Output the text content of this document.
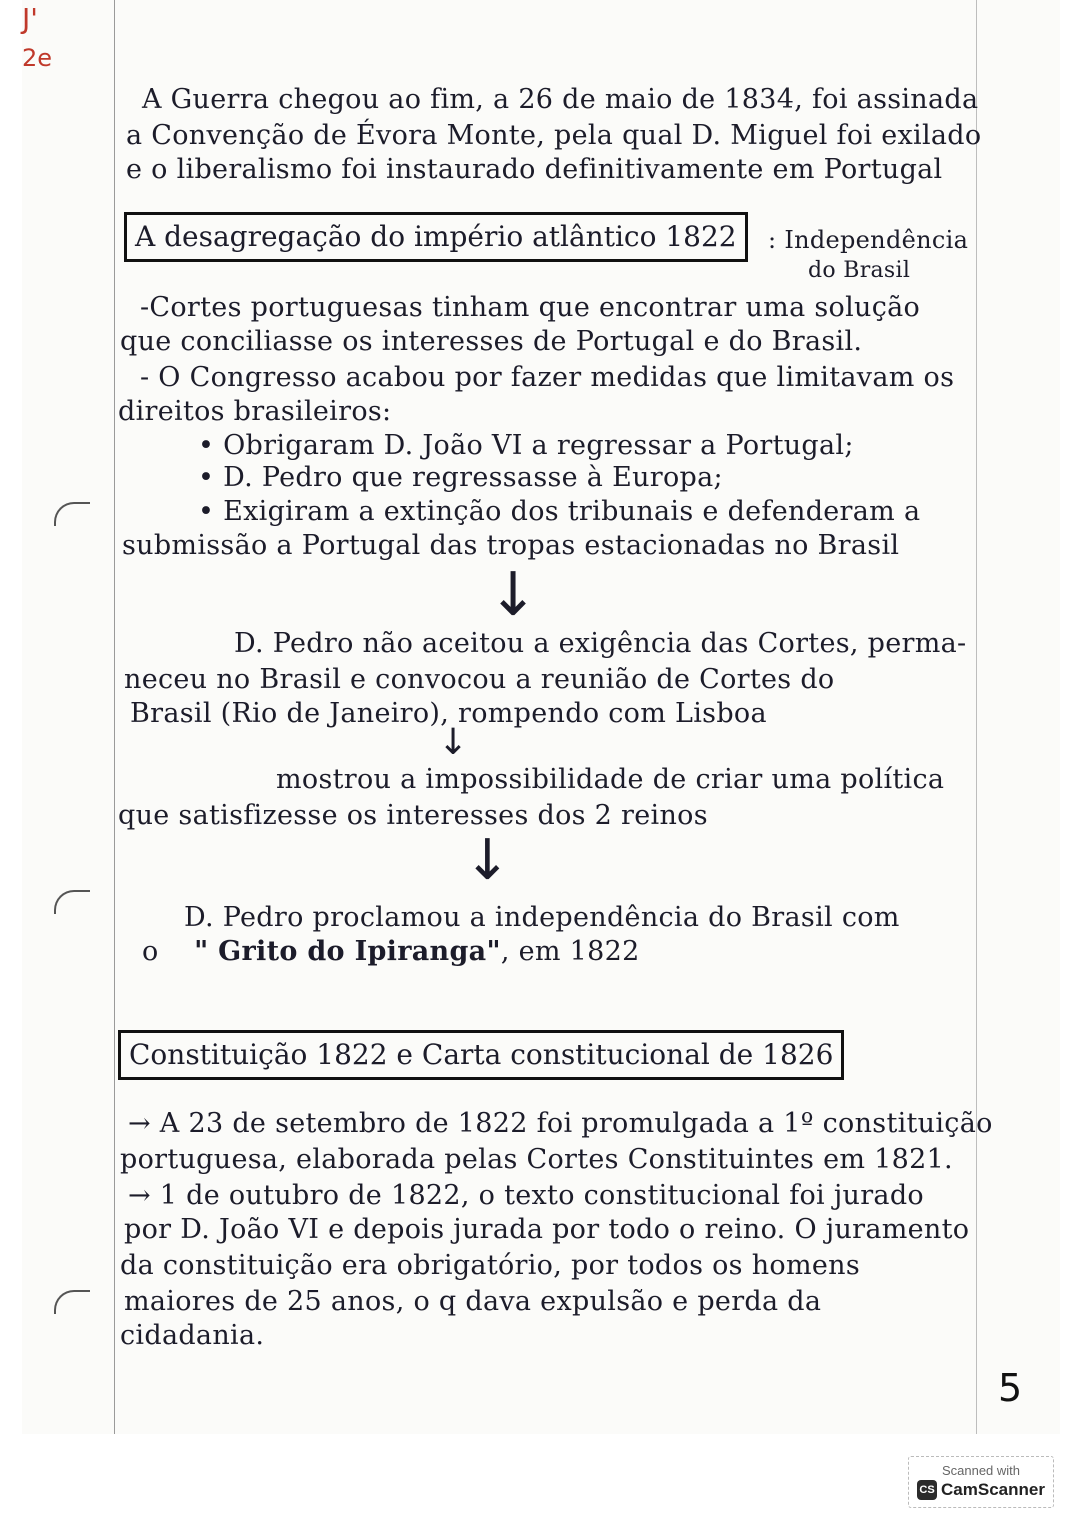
J'
2e
A Guerra chegou ao fim, a 26 de maio de 1834, foi assinada
a Convenção de Évora Monte, pela qual D. Miguel foi exilado
e o liberalismo foi instaurado definitivamente em Portugal
A desagregação do império atlântico 1822	: Independência
do Brasil
-Cortes portuguesas tinham que encontrar uma solução
que conciliasse os interesses de Portugal e do Brasil.
- O Congresso acabou por fazer medidas que limitavam os
direitos brasileiros:
• Obrigaram D. João VI a regressar a Portugal;
• D. Pedro que regressasse à Europa;
• Exigiram a extinção dos tribunais e defenderam a
submissão a Portugal das tropas estacionadas no Brasil
↓
D. Pedro não aceitou a exigência das Cortes, perma-
neceu no Brasil e convocou a reunião de Cortes do
Brasil (Rio de Janeiro), rompendo com Lisboa
↓
mostrou a impossibilidade de criar uma política
que satisfizesse os interesses dos 2 reinos
↓
D. Pedro proclamou a independência do Brasil com
o " Grito do Ipiranga", em 1822
Constituição 1822 e Carta constitucional de 1826
→ A 23 de setembro de 1822 foi promulgada a 1º constituição
portuguesa, elaborada pelas Cortes Constituintes em 1821.
→ 1 de outubro de 1822, o texto constitucional foi jurado
por D. João VI e depois jurada por todo o reino. O juramento
da constituição era obrigatório, por todos os homens
maiores de 25 anos, o q dava expulsão e perda da
cidadania.
5
Scanned with
CS CamScanner
